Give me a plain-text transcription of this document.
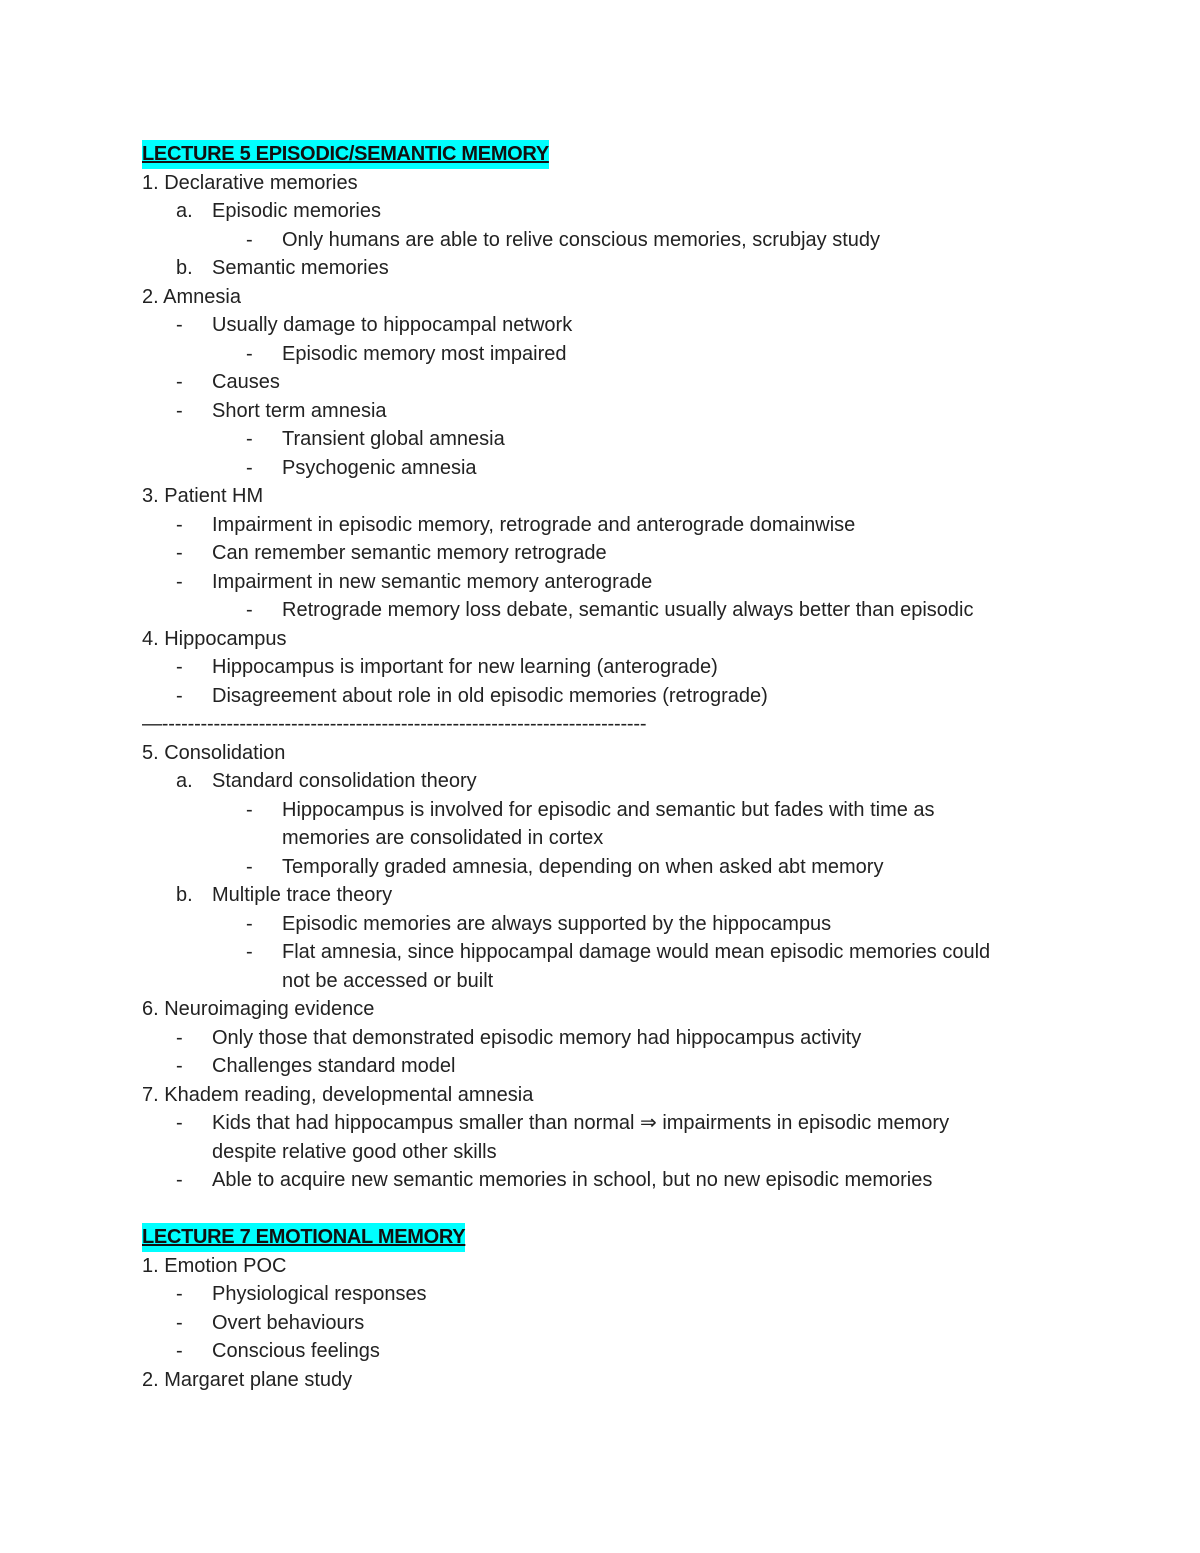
LECTURE 5 EPISODIC/SEMANTIC MEMORY
1. Declarative memories
a. Episodic memories
-	Only humans are able to relive conscious memories, scrubjay study
b. Semantic memories
2. Amnesia
-	Usually damage to hippocampal network
-	Episodic memory most impaired
-	Causes
-	Short term amnesia
-	Transient global amnesia
-	Psychogenic amnesia
3. Patient HM
-	Impairment in episodic memory, retrograde and anterograde domainwise
-	Can remember semantic memory retrograde
-	Impairment in new semantic memory anterograde
-	Retrograde memory loss debate, semantic usually always better than episodic
4. Hippocampus
-	Hippocampus is important for new learning (anterograde)
-	Disagreement about role in old episodic memories (retrograde)
—---------------------------------------------------------------------------
5. Consolidation
a. Standard consolidation theory
-	Hippocampus is involved for episodic and semantic but fades with time as
memories are consolidated in cortex
-	Temporally graded amnesia, depending on when asked abt memory
b. Multiple trace theory
-	Episodic memories are always supported by the hippocampus
-	Flat amnesia, since hippocampal damage would mean episodic memories could
not be accessed or built
6. Neuroimaging evidence
-	Only those that demonstrated episodic memory had hippocampus activity
-	Challenges standard model
7. Khadem reading, developmental amnesia
-	Kids that had hippocampus smaller than normal ⇒ impairments in episodic memory
despite relative good other skills
-	Able to acquire new semantic memories in school, but no new episodic memories
LECTURE 7 EMOTIONAL MEMORY
1. Emotion POC
-	Physiological responses
-	Overt behaviours
-	Conscious feelings
2. Margaret plane study
